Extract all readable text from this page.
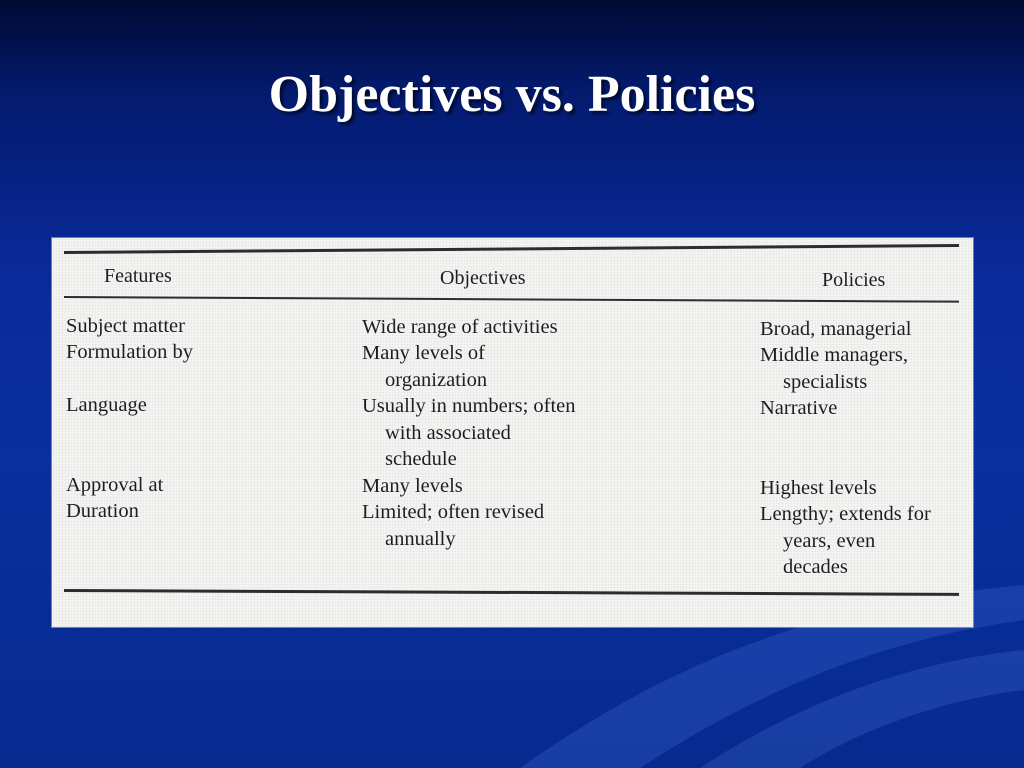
Objectives vs. Policies
Features	Objectives	Policies
Subject matter
Formulation by
Language
Approval at
Duration
Wide range of activities
Many levels of
organization
Usually in numbers; often
with associated
schedule
Many levels
Limited; often revised
annually
Broad, managerial
Middle managers,
specialists
Narrative
Highest levels
Lengthy; extends for
years, even
decades
